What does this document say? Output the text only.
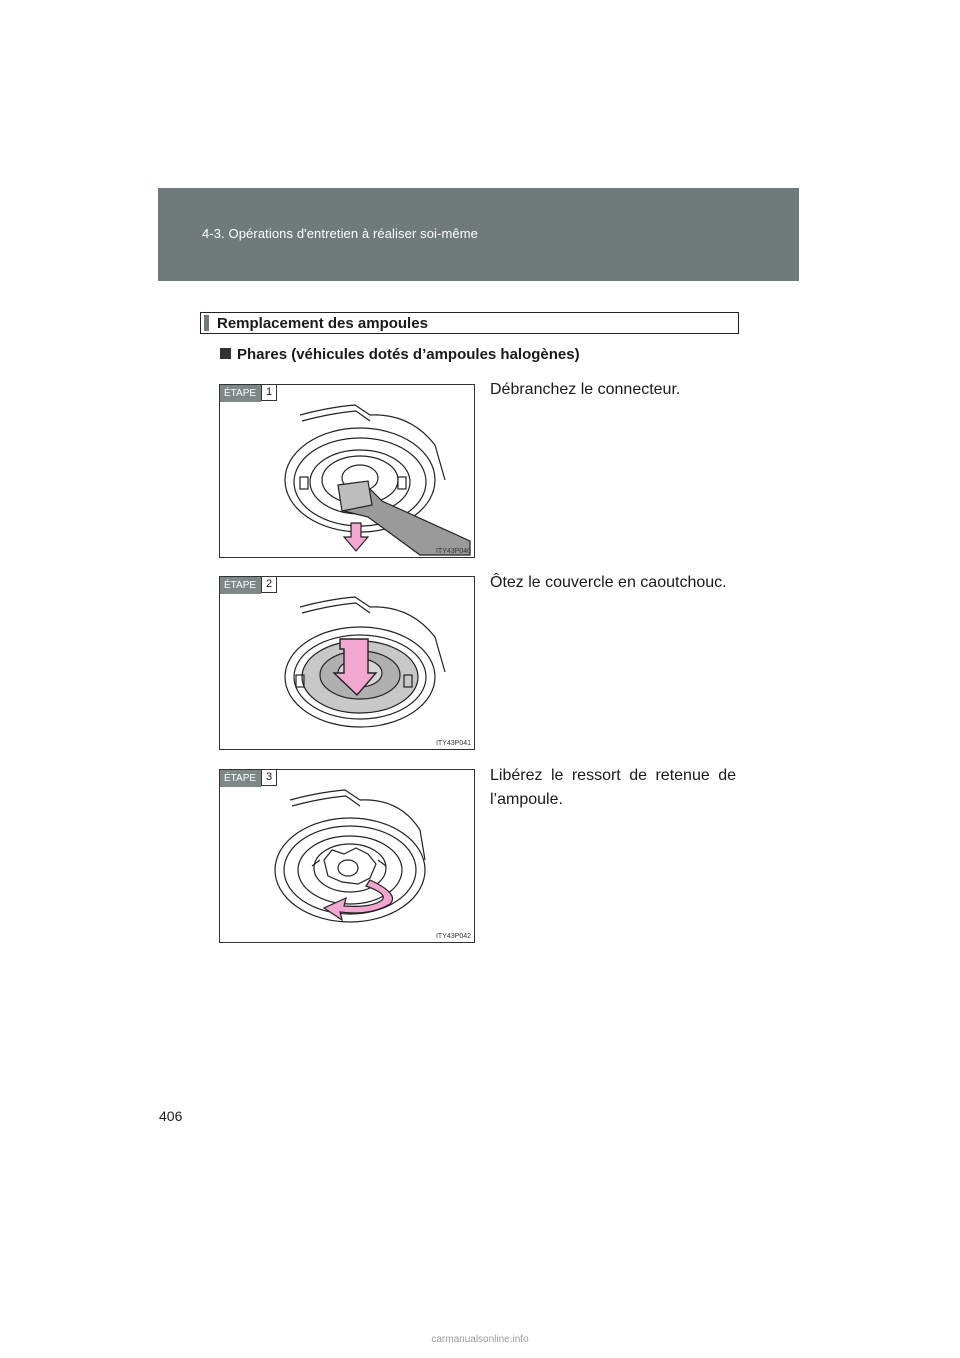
4-3. Opérations d'entretien à réaliser soi-même
Remplacement des ampoules
Phares (véhicules dotés d’ampoules halogènes)
ÉTAPE 1
ITY43P040
Débranchez le connecteur.
ÉTAPE 2
ITY43P041
Ôtez le couvercle en caoutchouc.
ÉTAPE 3
ITY43P042
Libérez le ressort de retenue de l’ampoule.
406
carmanualsonline.info
